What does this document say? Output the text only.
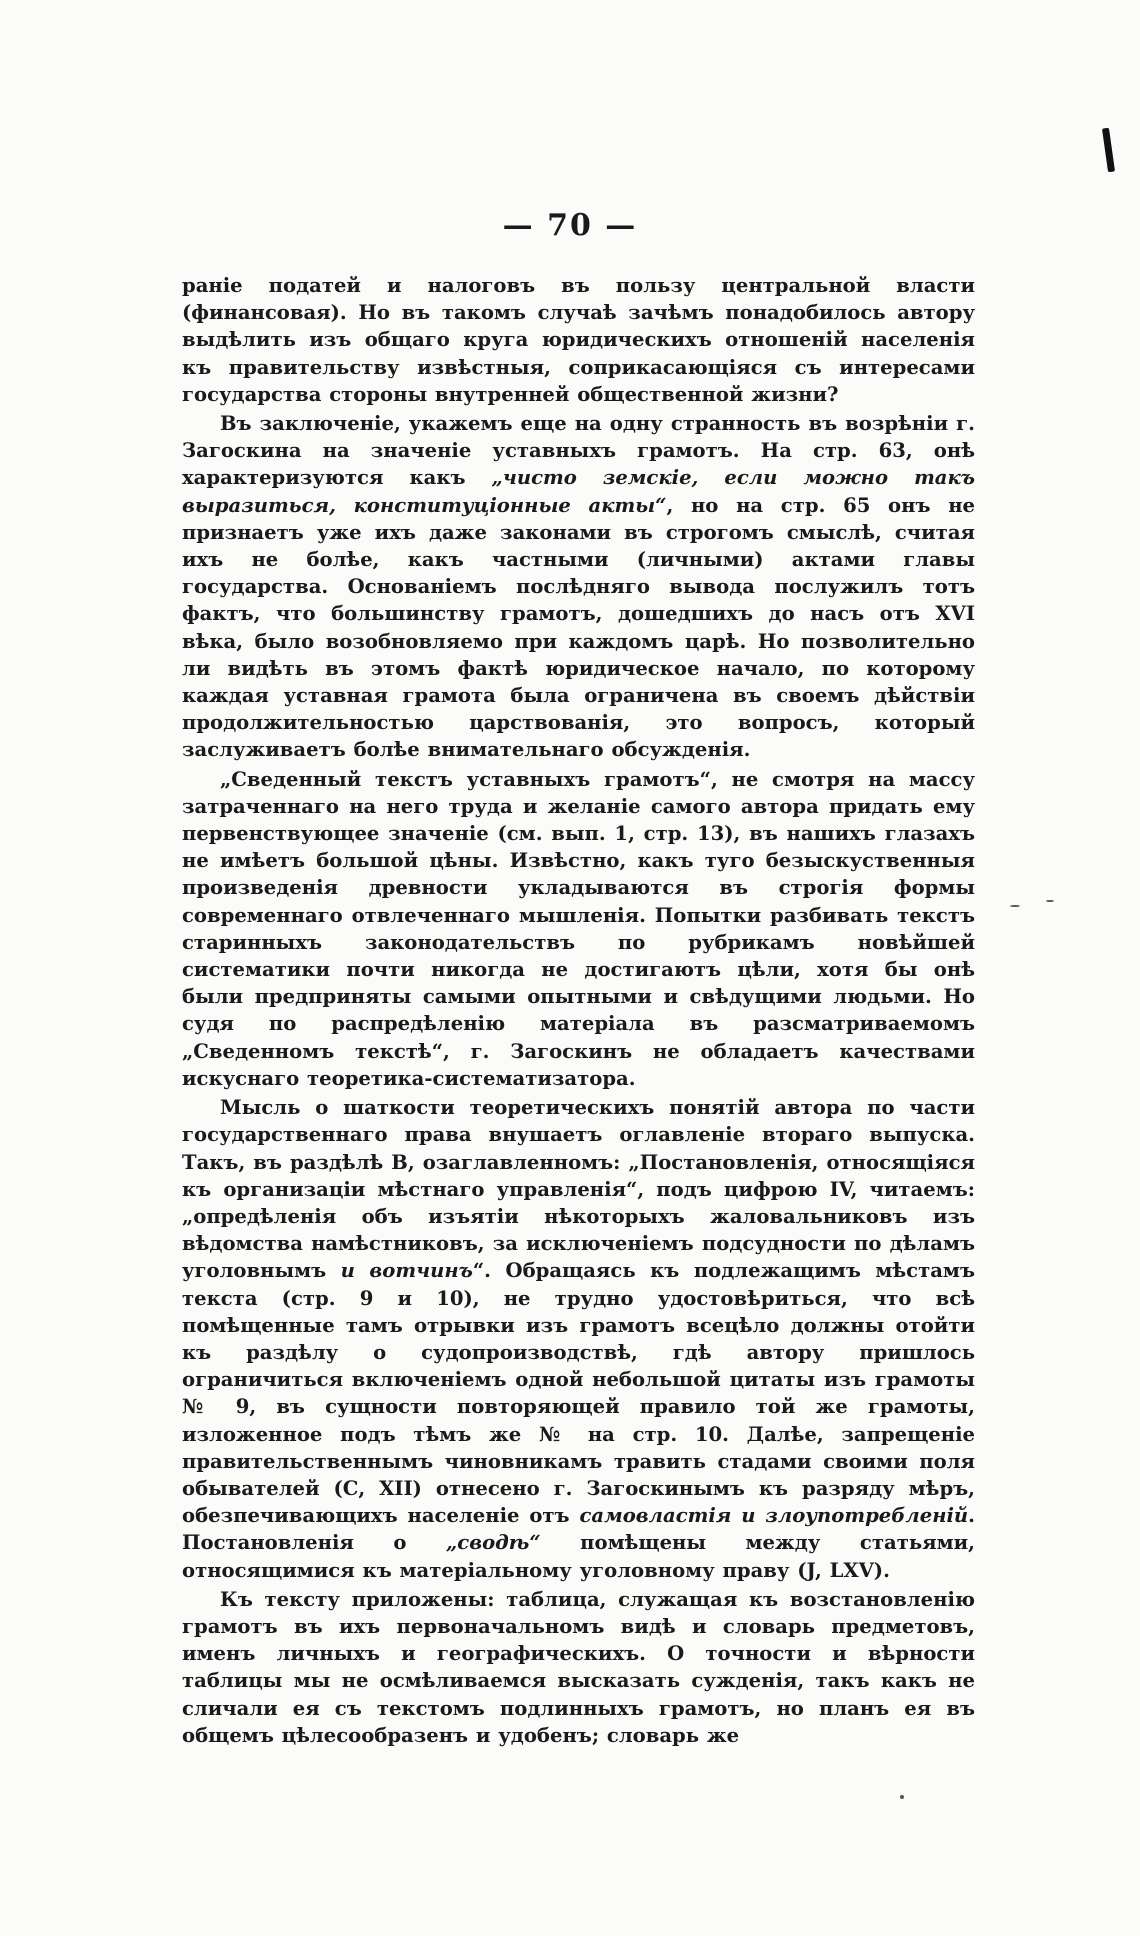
— 70 —

раніе податей и налоговъ въ пользу центральной власти (финансовая). Но въ такомъ случаѣ зачѣмъ понадобилось автору выдѣлить изъ общаго круга юридическихъ отношеній населенія къ правительству извѣстныя, соприкасающіяся съ интересами государства стороны внутренней общественной жизни?

Въ заключеніе, укажемъ еще на одну странность въ возрѣніи г. Загоскина на значеніе уставныхъ грамотъ. На стр. 63, онѣ характеризуются какъ „чисто земскіе, если можно такъ выразиться, конституціонные акты“, но на стр. 65 онъ не признаетъ уже ихъ даже законами въ строгомъ смыслѣ, считая ихъ не болѣе, какъ частными (личными) актами главы государства. Основаніемъ послѣдняго вывода послужилъ тотъ фактъ, что большинству грамотъ, дошедшихъ до насъ отъ XVI вѣка, было возобновляемо при каждомъ царѣ. Но позволительно ли видѣть въ этомъ фактѣ юридическое начало, по которому каждая уставная грамота была ограничена въ своемъ дѣйствіи продолжительностью царствованія, это вопросъ, который заслуживаетъ болѣе внимательнаго обсужденія.

„Сведенный текстъ уставныхъ грамотъ“, не смотря на массу затраченнаго на него труда и желаніе самого автора придать ему первенствующее значеніе (см. вып. 1, стр. 13), въ нашихъ глазахъ не имѣетъ большой цѣны. Извѣстно, какъ туго безыскуственныя произведенія древности укладываются въ строгія формы современнаго отвлеченнаго мышленія. Попытки разбивать текстъ старинныхъ законодательствъ по рубрикамъ новѣйшей систематики почти никогда не достигаютъ цѣли, хотя бы онѣ были предприняты самыми опытными и свѣдущими людьми. Но судя по распредѣленію матеріала въ разсматриваемомъ „Сведенномъ текстѣ“, г. Загоскинъ не обладаетъ качествами искуснаго теоретика-систематизатора.

Мысль о шаткости теоретическихъ понятій автора по части государственнаго права внушаетъ оглавленіе втораго выпуска. Такъ, въ раздѣлѣ В, озаглавленномъ: „Постановленія, относящіяся къ организаціи мѣстнаго управленія“, подъ цифрою IV, читаемъ: „опредѣленія объ изъятіи нѣкоторыхъ жаловальниковъ изъ вѣдомства намѣстниковъ, за исключеніемъ подсудности по дѣламъ уголовнымъ и вотчинъ“. Обращаясь къ подлежащимъ мѣстамъ текста (стр. 9 и 10), не трудно удостовѣриться, что всѣ помѣщенные тамъ отрывки изъ грамотъ всецѣло должны отойти къ раздѣлу о судопроизводствѣ, гдѣ автору пришлось ограничиться включеніемъ одной небольшой цитаты изъ грамоты № 9, въ сущности повторяющей правило той же грамоты, изложенное подъ тѣмъ же № на стр. 10. Далѣе, запрещеніе правительственнымъ чиновникамъ травить стадами своими поля обывателей (С, XII) отнесено г. Загоскинымъ къ разряду мѣръ, обезпечивающихъ населеніе отъ самовластія и злоупотребленій. Постановленія о „сводѣ“ помѣщены между статьями, относящимися къ матеріальному уголовному праву (J, LXV).

Къ тексту приложены: таблица, служащая къ возстановленію грамотъ въ ихъ первоначальномъ видѣ и словарь предметовъ, именъ личныхъ и географическихъ. О точности и вѣрности таблицы мы не осмѣливаемся высказать сужденія, такъ какъ не сличали ея съ текстомъ подлинныхъ грамотъ, но планъ ея въ общемъ цѣлесообразенъ и удобенъ; словарь же
